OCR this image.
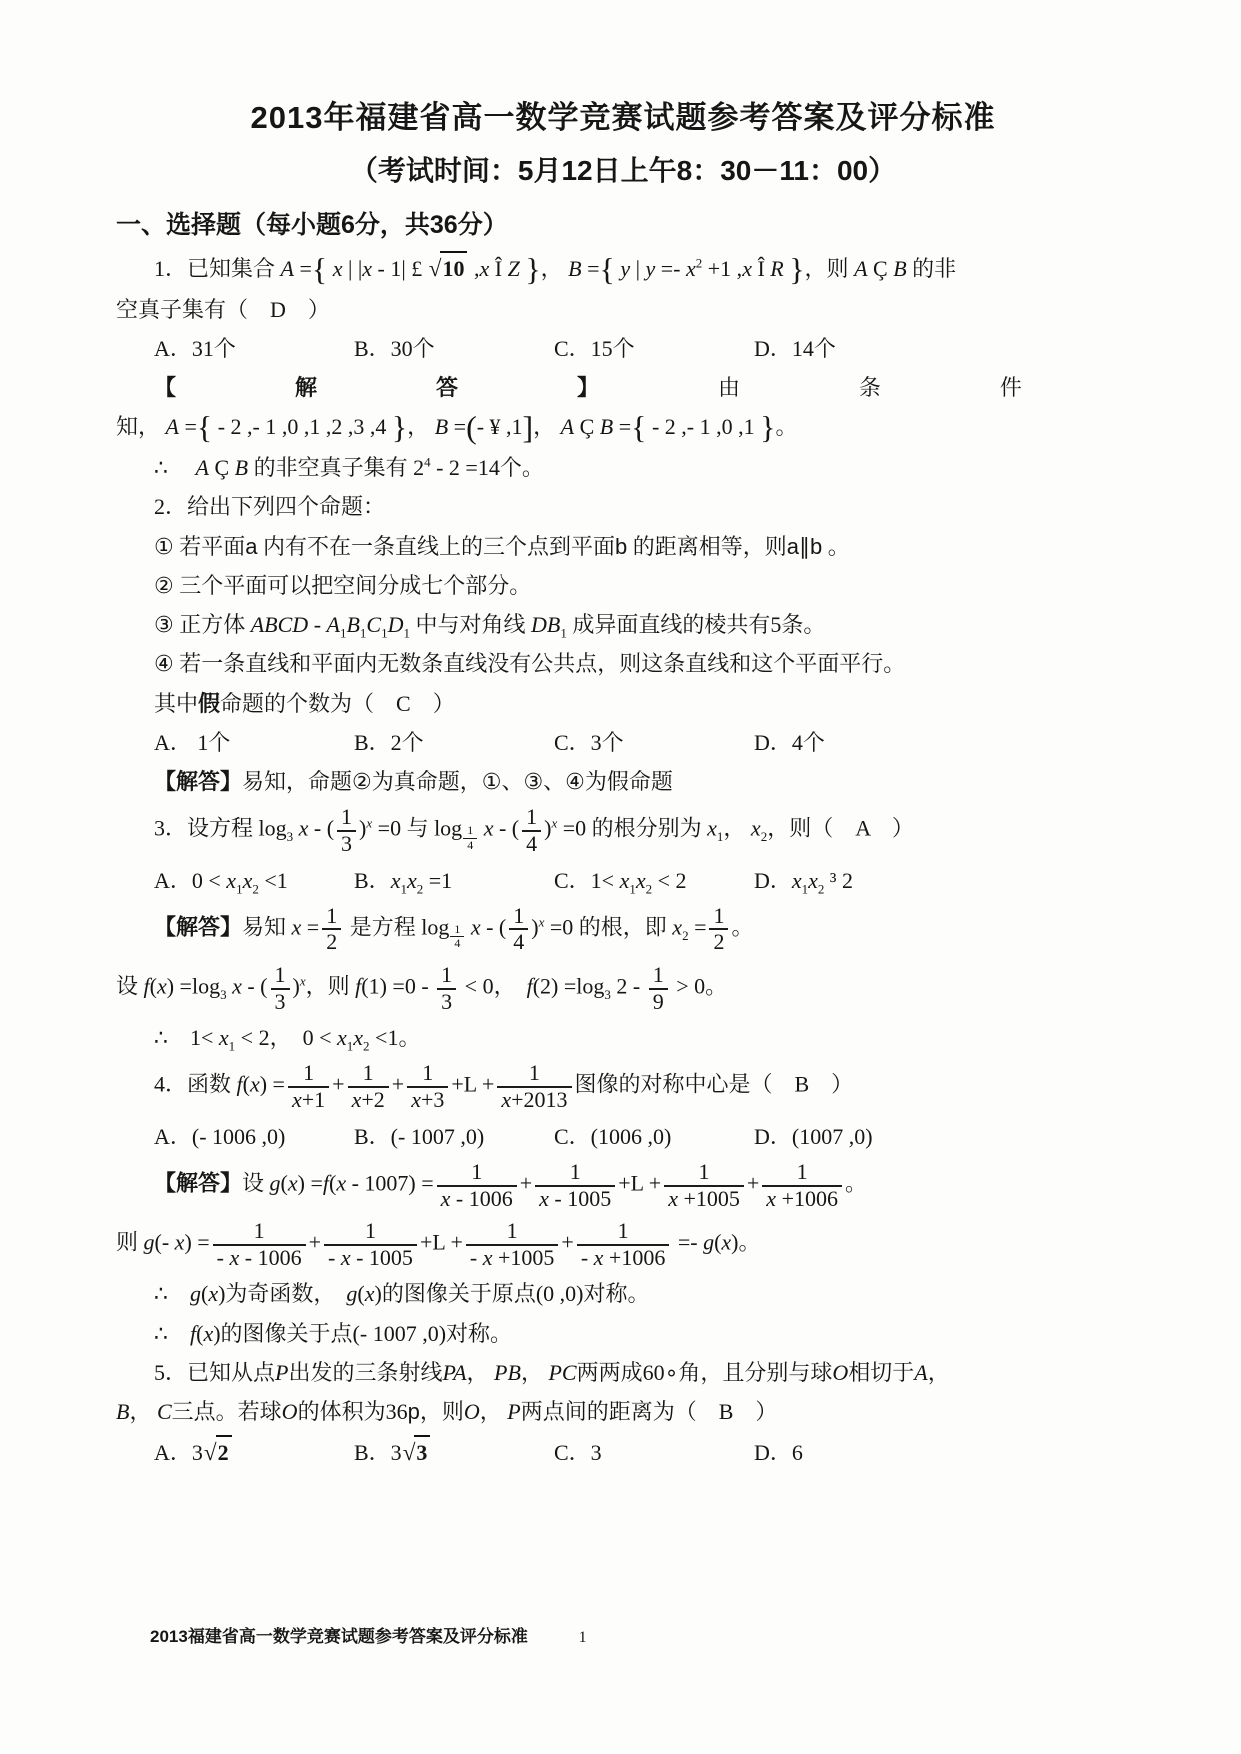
2013年福建省高一数学竞赛试题参考答案及评分标准
（考试时间：5月12日上午8：30－11：00）
一、选择题（每小题6分，共36分）
1．已知集合 A ={ x | |x - 1| £ √ 10 ,x Î Z }， B ={ y | $y =- x^2 +1$ ,x Î R }，则 A Ç B 的非
空真子集有（　D　）
A．31个	B．30个	C．15个	D．14个
【	解	答	】	由	条	件
知， A ={ - 2 ,- 1 ,0 ,1 ,2 ,3 ,4 }， B =(- ¥ ,1]， A Ç B ={ - 2 ,- 1 ,0 ,1 }。
∴　 A Ç B 的非空真子集有 $2^4 - 2 =14$个。
2．给出下列四个命题：
① 若平面a 内有不在一条直线上的三个点到平面b 的距离相等，则a∥b 。
② 三个平面可以把空间分成七个部分。
③ 正方体 ABCD - $A_1B_1C_1D_1$ 中与对角线 $DB_1$ 成异面直线的棱共有5条。
④ 若一条直线和平面内无数条直线没有公共点，则这条直线和这个平面平行。
其中假命题的个数为（　C　）
A． 1个	B．2个	C．3个	D．4个
【解答】易知，命题②为真命题，①、③、④为假命题
3．设方程 $\log_3 x$ - ( $\frac{1}{3} )^x =0$ 与 log $_{\frac{1}{4}}$ x - ( $\frac{1}{4} )^x =0$ 的根分别为 $x_1$， $x_2$，则（　A　）
A．$0 < x_1x_2 <1$	B．$x_1x_2 =1$	C．$1< x_1x_2 < 2$	D．$x_1x_2$ ³ 2
【解答】易知 $x = \frac{1}{2}$ 是方程 log $_{\frac{1}{4}}$ x - ( $\frac{1}{4} )^x =0$ 的根，即 $x_2 = \frac{1}{2}$ 。
设 $f(x) =\log_3$ x - ( $\frac{1}{3} )^x$，则 $f(1) =0 - \frac{1}{3} < 0$，　$f(2) =\log_3$ $2 - \frac{1}{9} > 0$。
∴　$1< x_1 < 2$，　$0 < x_1x_2 <1$。
4．函数 $f(x) = \frac{1}{x+1} + \frac{1}{x+2} + \frac{1}{x+3} +L + \frac{1}{x+2013}$ 图像的对称中心是（　B　）
A．(- 1006 ,0)	B．(- 1007 ,0)	C．(1006 ,0)	D．(1007 ,0)
【解答】设 $g(x) =f(x - 1007) = \frac{1}{x - 1006} + \frac{1}{x - 1005} +L + \frac{1}{x +1005} + \frac{1}{x +1006}$ 。
则 g(- $x) = \frac{1}{- x - 1006} + \frac{1}{- x - 1005} +L + \frac{1}{- x +1005} + \frac{1}{- x +1006} =- g(x)$。
∴　g(x)为奇函数，　g(x)的图像关于原点(0 ,0)对称。
∴　f(x)的图像关于点(- 1007 ,0)对称。
5．已知从点P出发的三条射线PA， PB， PC两两成60∘角，且分别与球O相切于A，
B， C三点。若球O的体积为36p，则O， P两点间的距离为（　B　）
A．3 √ 2	B．3 √ 3	C．3	D．6
2013福建省高一数学竞赛试题参考答案及评分标准	1
